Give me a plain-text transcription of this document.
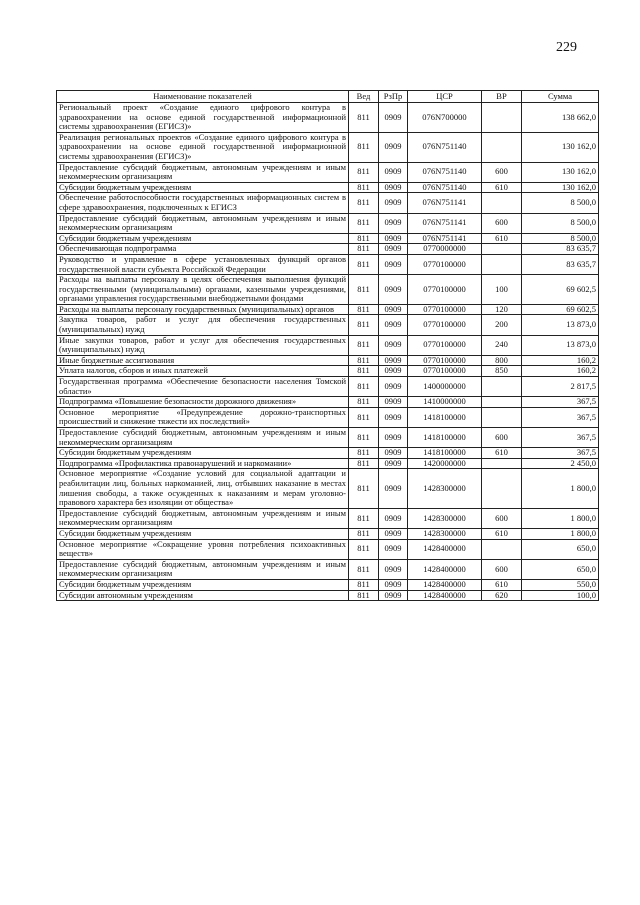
229
Наименование показателей	Вед	РзПр	ЦСР	ВР	Сумма
Региональный проект «Создание единого цифрового контура в здравоохранении на основе единой государственной информационной системы здравоохранения (ЕГИСЗ)»	811	0909	076N700000		138 662,0
Реализация региональных проектов «Создание единого цифрового контура в здравоохранении на основе единой государственной информационной системы здравоохранения (ЕГИСЗ)»	811	0909	076N751140		130 162,0
Предоставление субсидий бюджетным, автономным учреждениям и иным некоммерческим организациям	811	0909	076N751140	600	130 162,0
Субсидии бюджетным учреждениям	811	0909	076N751140	610	130 162,0
Обеспечение работоспособности государственных информационных систем в сфере здравоохранения, подключенных к ЕГИСЗ	811	0909	076N751141		8 500,0
Предоставление субсидий бюджетным, автономным учреждениям и иным некоммерческим организациям	811	0909	076N751141	600	8 500,0
Субсидии бюджетным учреждениям	811	0909	076N751141	610	8 500,0
Обеспечивающая подпрограмма	811	0909	0770000000		83 635,7
Руководство и управление в сфере установленных функций органов государственной власти субъекта Российской Федерации	811	0909	0770100000		83 635,7
Расходы на выплаты персоналу в целях обеспечения выполнения функций государственными (муниципальными) органами, казенными учреждениями, органами управления государственными внебюджетными фондами	811	0909	0770100000	100	69 602,5
Расходы на выплаты персоналу государственных (муниципальных) органов	811	0909	0770100000	120	69 602,5
Закупка товаров, работ и услуг для обеспечения государственных (муниципальных) нужд	811	0909	0770100000	200	13 873,0
Иные закупки товаров, работ и услуг для обеспечения государственных (муниципальных) нужд	811	0909	0770100000	240	13 873,0
Иные бюджетные ассигнования	811	0909	0770100000	800	160,2
Уплата налогов, сборов и иных платежей	811	0909	0770100000	850	160,2
Государственная программа «Обеспечение безопасности населения Томской области»	811	0909	1400000000		2 817,5
Подпрограмма «Повышение безопасности дорожного движения»	811	0909	1410000000		367,5
Основное мероприятие «Предупреждение дорожно-транспортных происшествий и снижение тяжести их последствий»	811	0909	1418100000		367,5
Предоставление субсидий бюджетным, автономным учреждениям и иным некоммерческим организациям	811	0909	1418100000	600	367,5
Субсидии бюджетным учреждениям	811	0909	1418100000	610	367,5
Подпрограмма «Профилактика правонарушений и наркомании»	811	0909	1420000000		2 450,0
Основное мероприятие «Создание условий для социальной адаптации и реабилитации лиц, больных наркоманией, лиц, отбывших наказание в местах лишения свободы, а также осужденных к наказаниям и мерам уголовно-правового характера без изоляции от общества»	811	0909	1428300000		1 800,0
Предоставление субсидий бюджетным, автономным учреждениям и иным некоммерческим организациям	811	0909	1428300000	600	1 800,0
Субсидии бюджетным учреждениям	811	0909	1428300000	610	1 800,0
Основное мероприятие «Сокращение уровня потребления психоактивных веществ»	811	0909	1428400000		650,0
Предоставление субсидий бюджетным, автономным учреждениям и иным некоммерческим организациям	811	0909	1428400000	600	650,0
Субсидии бюджетным учреждениям	811	0909	1428400000	610	550,0
Субсидии автономным учреждениям	811	0909	1428400000	620	100,0
